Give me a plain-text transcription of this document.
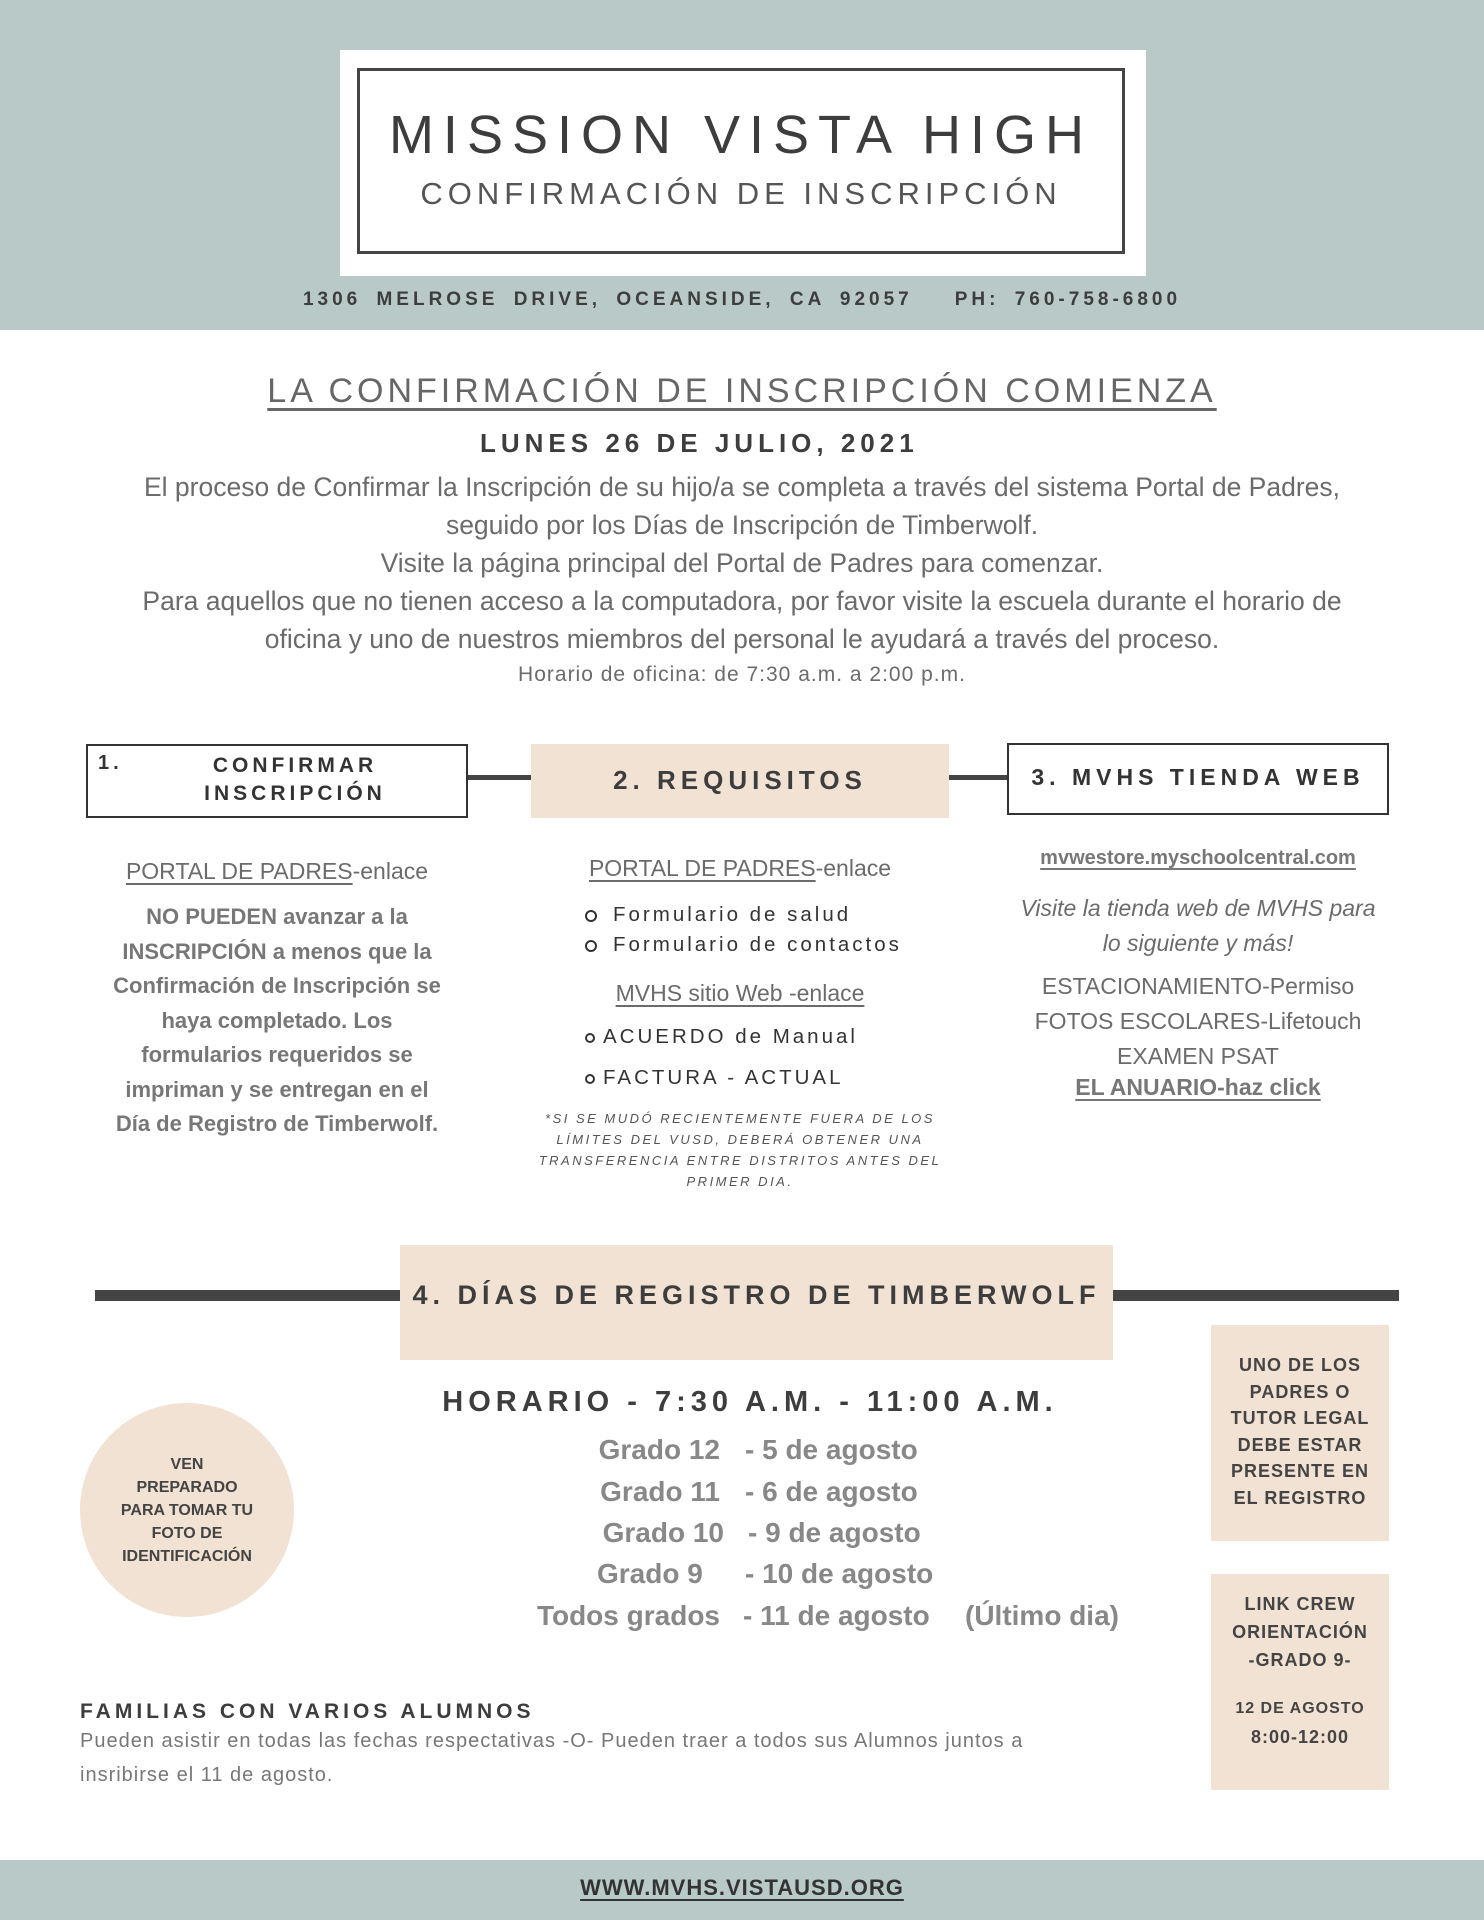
MISSION VISTA HIGH
CONFIRMACIÓN DE INSCRIPCIÓN
1306 MELROSE DRIVE, OCEANSIDE, CA 92057 PH: 760-758-6800
LA CONFIRMACIÓN DE INSCRIPCIÓN COMIENZA
LUNES 26 DE JULIO, 2021
El proceso de Confirmar la Inscripción de su hijo/a se completa a través del sistema Portal de Padres,
seguido por los Días de Inscripción de Timberwolf.
Visite la página principal del Portal de Padres para comenzar.
Para aquellos que no tienen acceso a la computadora, por favor visite la escuela durante el horario de
oficina y uno de nuestros miembros del personal le ayudará a través del proceso.
Horario de oficina: de 7:30 a.m. a 2:00 p.m.
1.	CONFIRMAR
INSCRIPCIÓN	2. REQUISITOS	3. MVHS TIENDA WEB
PORTAL DE PADRES-enlace
NO PUEDEN avanzar a la
INSCRIPCIÓN a menos que la
Confirmación de Inscripción se
haya completado. Los
formularios requeridos se
impriman y se entregan en el
Día de Registro de Timberwolf.
PORTAL DE PADRES-enlace
Formulario de salud
Formulario de contactos
MVHS sitio Web -enlace
ACUERDO de Manual
FACTURA - ACTUAL
*SI SE MUDÓ RECIENTEMENTE FUERA DE LOS
LÍMITES DEL VUSD, DEBERÁ OBTENER UNA
TRANSFERENCIA ENTRE DISTRITOS ANTES DEL
PRIMER DIA.
mvwestore.myschoolcentral.com
Visite la tienda web de MVHS para
lo siguiente y más!
ESTACIONAMIENTO-Permiso
FOTOS ESCOLARES-Lifetouch
EXAMEN PSAT
EL ANUARIO-haz click
4. DÍAS DE REGISTRO DE TIMBERWOLF
HORARIO - 7:30 A.M. - 11:00 A.M.
Grado 12 - 5 de agosto
Grado 11 - 6 de agosto
Grado 10 - 9 de agosto
Grado 9 - 10 de agosto
Todos grados - 11 de agosto (Último dia)
VEN
PREPARADO
PARA TOMAR TU
FOTO DE
IDENTIFICACIÓN
UNO DE LOS
PADRES O
TUTOR LEGAL
DEBE ESTAR
PRESENTE EN
EL REGISTRO
LINK CREW
ORIENTACIÓN
-GRADO 9-
12 DE AGOSTO
8:00-12:00
FAMILIAS CON VARIOS ALUMNOS
Pueden asistir en todas las fechas respectativas -O- Pueden traer a todos sus Alumnos juntos a
insribirse el 11 de agosto.
WWW.MVHS.VISTAUSD.ORG
